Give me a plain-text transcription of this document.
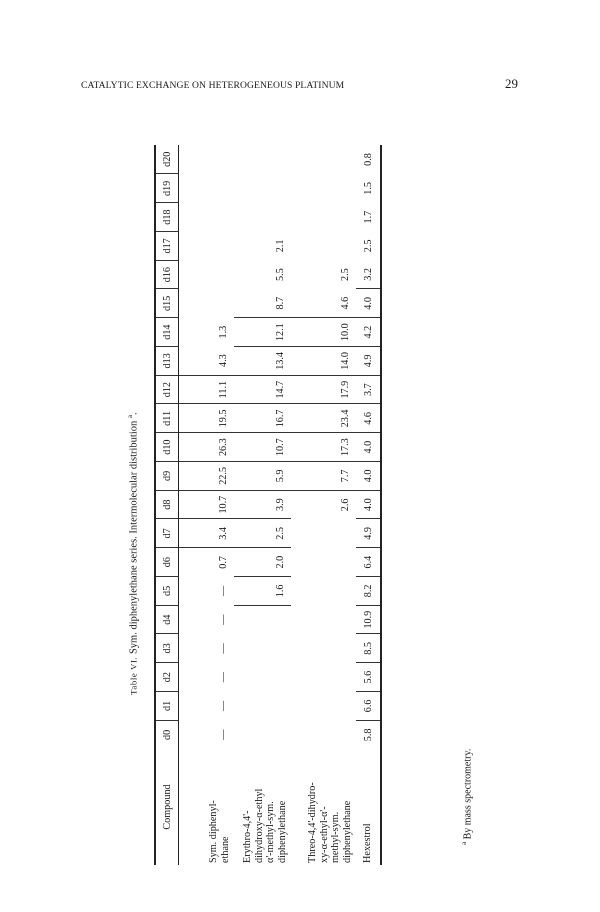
CATALYTIC EXCHANGE ON HETEROGENEOUS PLATINUM	29
Table VI. Sym. diphenylethane series. Intermolecular distribution $^a$.
Compound	d0	d1	d2	d3	d4	d5	d6	d7	d8	d9	d10	d11	d12	d13	d14	d15	d16	d17	d18	d19	d20

Sym. diphenyl- ethane	—	—	—	—	—	—	0.7	3.4	10.7	22.5	26.3	19.5	11.1	4.3	1.3						

Erythro-4,4'- dihydroxy-α-ethyl α'-methyl-sym. diphenylethane						1.6	2.0	2.5	3.9	5.9	10.7	16.7	14.7	13.4	12.1	8.7	5.5	2.1			

Threo-4,4'-dihydro- xy-α-ethyl-α'- methyl-sym. diphenylethane									2.6	7.7	17.3	23.4	17.9	14.0	10.0	4.6	2.5				

Hexestrol	5.8	6.6	5.6	8.5	10.9	8.2	6.4	4.9	4.0	4.0	4.0	4.6	3.7	4.9	4.2	4.0	3.2	2.5	1.7	1.5	0.8
$^a$ By mass spectrometry.
